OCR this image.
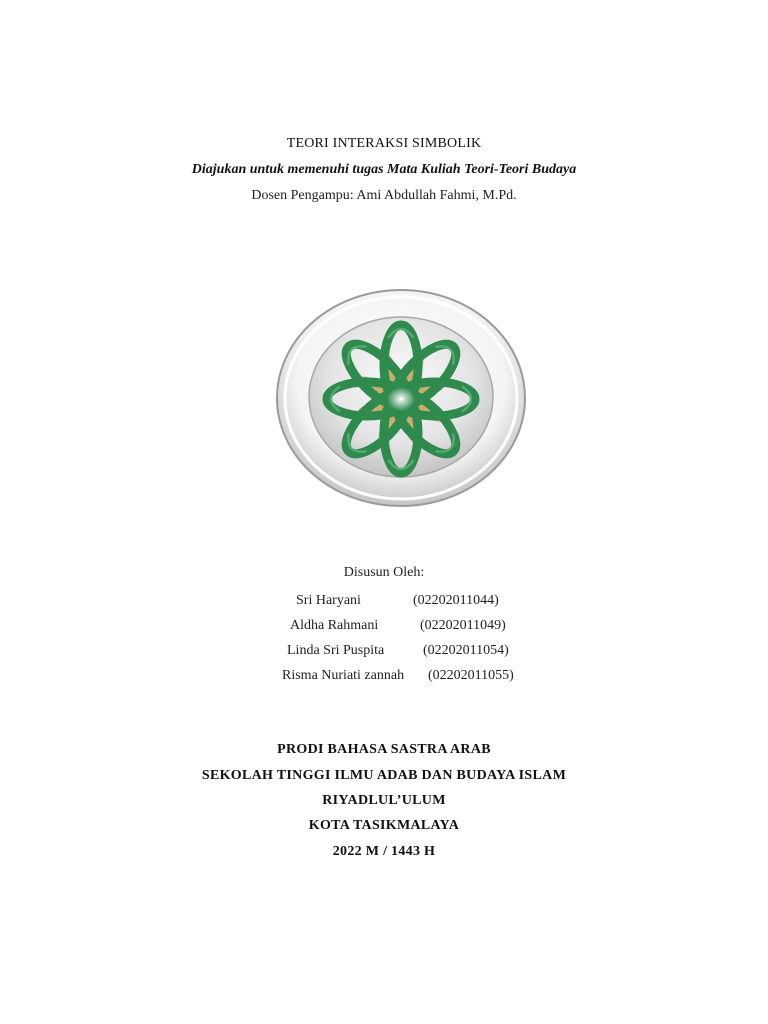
TEORI INTERAKSI SIMBOLIK
Diajukan untuk memenuhi tugas Mata Kuliah Teori-Teori Budaya
Dosen Pengampu: Ami Abdullah Fahmi, M.Pd.
Disusun Oleh:
Sri Haryani	(02202011044)
Aldha Rahmani	(02202011049)
Linda Sri Puspita	(02202011054)
Risma Nuriati zannah (02202011055)
PRODI BAHASA SASTRA ARAB
SEKOLAH TINGGI ILMU ADAB DAN BUDAYA ISLAM
RIYADLUL’ULUM
KOTA TASIKMALAYA
2022 M / 1443 H
